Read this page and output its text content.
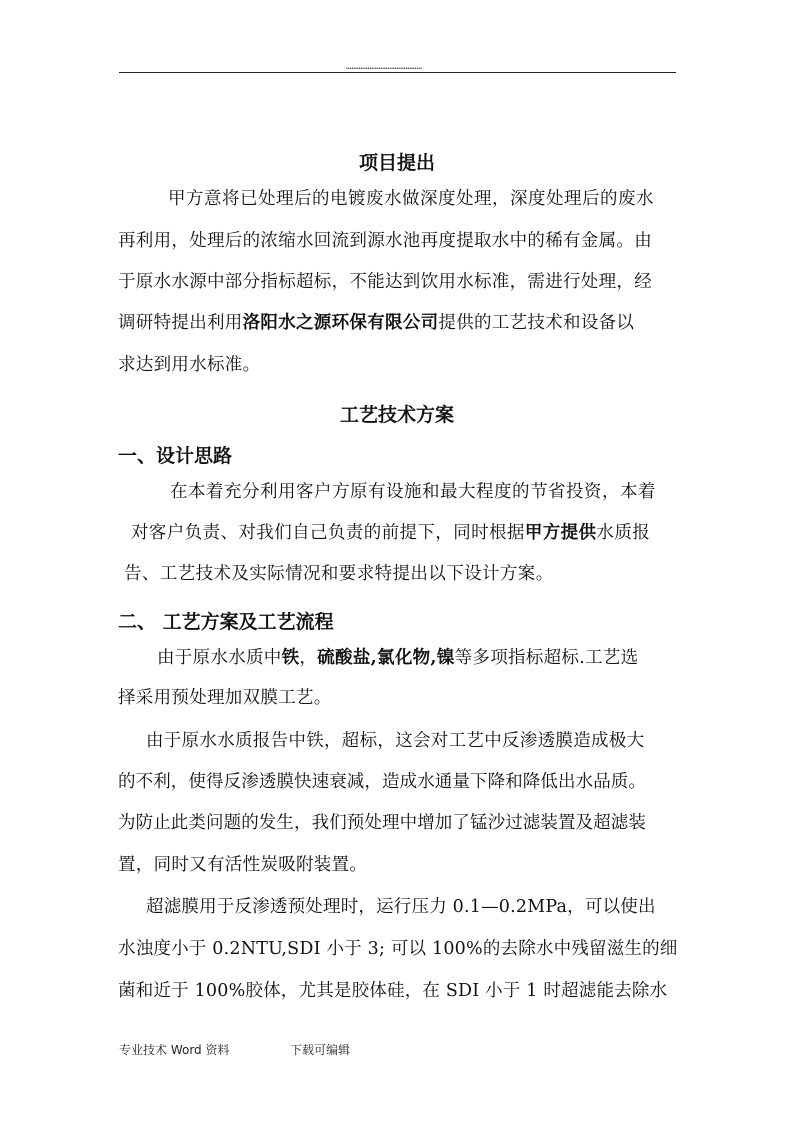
……………………………………
项目提出
甲方意将已处理后的电镀废水做深度处理，深度处理后的废水
再利用，处理后的浓缩水回流到源水池再度提取水中的稀有金属。由
于原水水源中部分指标超标，不能达到饮用水标准，需进行处理，经
调研特提出利用洛阳水之源环保有限公司提供的工艺技术和设备以
求达到用水标准。
工艺技术方案
一、设计思路
在本着充分利用客户方原有设施和最大程度的节省投资，本着
对客户负责、对我们自己负责的前提下，同时根据甲方提供水质报
告、工艺技术及实际情况和要求特提出以下设计方案。
二、 工艺方案及工艺流程
由于原水水质中铁，硫酸盐,氯化物,镍等多项指标超标.工艺选
择采用预处理加双膜工艺。
由于原水水质报告中铁，超标，这会对工艺中反渗透膜造成极大
的不利，使得反渗透膜快速衰减，造成水通量下降和降低出水品质。
为防止此类问题的发生，我们预处理中增加了锰沙过滤装置及超滤装
置，同时又有活性炭吸附装置。
超滤膜用于反渗透预处理时，运行压力 0.1—0.2MPa，可以使出
水浊度小于 0.2NTU,SDI 小于 3; 可以 100%的去除水中残留滋生的细
菌和近于 100%胶体，尤其是胶体硅，在 SDI 小于 1 时超滤能去除水
专业技术 Word 资料	下载可编辑
